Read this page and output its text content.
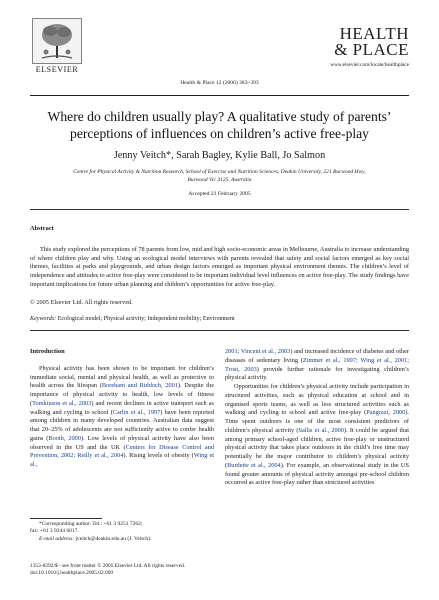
ELSEVIER
Health & Place 12 (2006) 383–393
HEALTH
& PLACE
www.elsevier.com/locate/healthplace
Where do children usually play? A qualitative study of parents’
perceptions of influences on children’s active free-play
Jenny Veitch*, Sarah Bagley, Kylie Ball, Jo Salmon
Centre for Physical Activity & Nutrition Research, School of Exercise and Nutrition Sciences, Deakin University, 221 Burwood Hwy,
Burwood Vic 3125, Australia
Accepted 23 February 2005
Abstract

This study explored the perceptions of 78 parents from low, mid and high socio-economic areas in Melbourne, Australia to increase understanding of where children play and why. Using an ecological model interviews with parents revealed that safety and social factors emerged as key social themes, facilities at parks and playgrounds, and urban design factors emerged as important physical environment themes. The children’s level of independence and attitudes to active free-play were considered to be important individual level influences on active free-play. The study findings have important implications for future urban planning and children’s opportunities for active free-play.

© 2005 Elsevier Ltd. All rights reserved.
Keywords: Ecological model; Physical activity; Independent mobility; Environment
Introduction

Physical activity has been shown to be important for children’s immediate social, mental and physical health, as well as protective to health across the lifespan (Boreham and Riddoch, 2001). Despite the importance of physical activity to health, low levels of fitness (Tomkinson et al., 2003) and recent declines in active transport such as walking and cycling to school (Carlin et al., 1997) have been reported among children in many developed countries. Australian data suggest that 20–25% of adolescents are not sufficiently active to confer health gains (Booth, 2000). Low levels of physical activity have also been observed in the US and the UK (Centers for Disease Control and Prevention, 2002; Reilly et al., 2004). Rising levels of obesity (Wing et al.,

2001; Vincent et al., 2003) and increased incidence of diabetes and other diseases of sedentary living (Zimmet et al., 1997; Wing et al., 2001; Trost, 2003) provide further rationale for investigating children’s physical activity.

Opportunities for children’s physical activity include participation in structured activities, such as physical education at school and in organised sports teams, as well as less structured activities such as walking and cycling to school and active free-play (Pangrazi, 2000). Time spent outdoors is one of the most consistent predictors of children’s physical activity (Sallis et al., 2000). It could be argued that among primary school-aged children, active free-play or unstructured physical activity that takes place outdoors in the child’s free time may potentially be the major contributor to children’s physical activity (Burdette et al., 2004). For example, an observational study in the US found greater amounts of physical activity amongst pre-school children occurred as active free-play rather than structured activities

*Corresponding author. Tel.: +61 3 9251 7262;
fax: +61 3 9244 6017.
E-mail address: jveitch@deakin.edu.au (J. Veitch).
1353-8292/$ - see front matter © 2005 Elsevier Ltd. All rights reserved.
doi:10.1016/j.healthplace.2005.02.009
